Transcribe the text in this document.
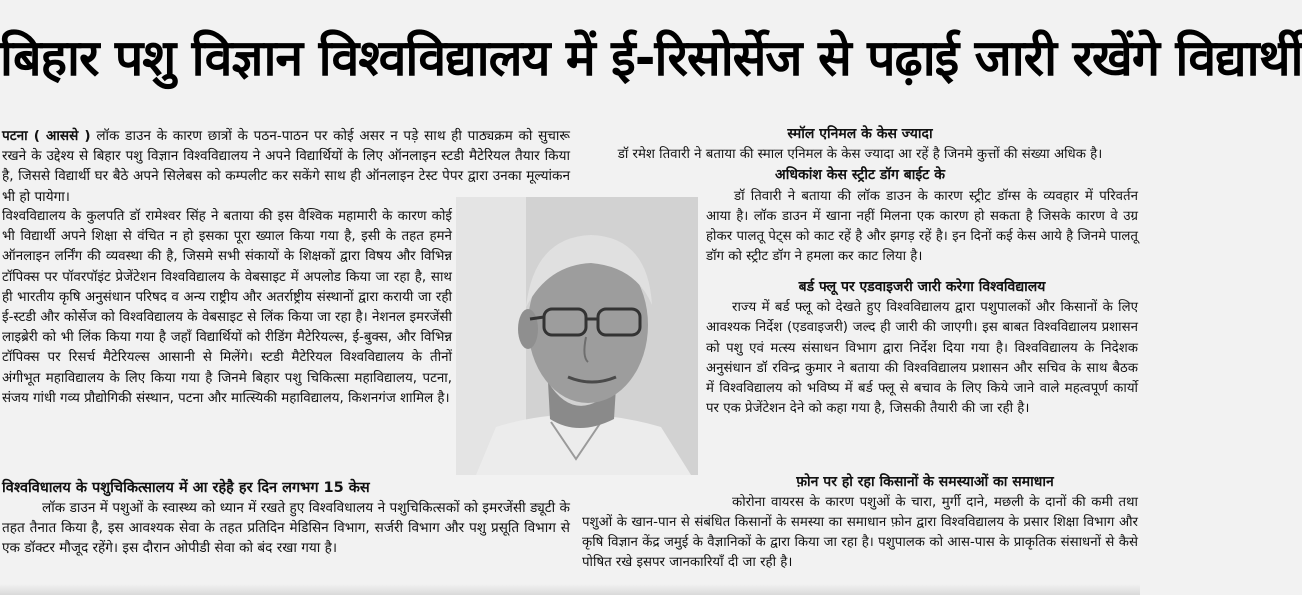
बिहार पशु विज्ञान विश्वविद्यालय में ई-रिसोर्सेज से पढ़ाई जारी रखेंगे विद्यार्थी

पटना ( आससे ) लॉक डाउन के कारण छात्रों के पठन-पाठन पर कोई असर न पड़े साथ ही पाठ्यक्रम को सुचारू रखने के उद्देश्य से बिहार पशु विज्ञान विश्वविद्यालय ने अपने विद्यार्थियों के लिए ऑनलाइन स्टडी मैटेरियल तैयार किया है, जिससे विद्यार्थी घर बैठे अपने सिलेबस को कम्पलीट कर सकेंगे साथ ही ऑनलाइन टेस्ट पेपर द्वारा उनका मूल्यांकन भी हो पायेगा।

विश्वविद्यालय के कुलपति डॉ रामेश्वर सिंह ने बताया की इस वैश्विक महामारी के कारण कोई भी विद्यार्थी अपने शिक्षा से वंचित न हो इसका पूरा ख्याल किया गया है, इसी के तहत हमने ऑनलाइन लर्निंग की व्यवस्था की है, जिसमे सभी संकायों के शिक्षकों द्वारा विषय और विभिन्न टॉपिक्स पर पॉवरपॉइंट प्रेजेंटेशन विश्वविद्यालय के वेबसाइट में अपलोड किया जा रहा है, साथ ही भारतीय कृषि अनुसंधान परिषद व अन्य राष्ट्रीय और अतर्राष्ट्रीय संस्थानों द्वारा करायी जा रही ई-स्टडी और कोर्सेज को विश्वविद्यालय के वेबसाइट से लिंक किया जा रहा है। नेशनल इमरजेंसी लाइब्रेरी को भी लिंक किया गया है जहाँ विद्यार्थियों को रीडिंग मैटेरियल्स, ई-बुक्स, और विभिन्न टॉपिक्स पर रिसर्च मैटेरियल्स आसानी से मिलेंगे। स्टडी मैटेरियल विश्वविद्यालय के तीनों अंगीभूत महाविद्यालय के लिए किया गया है जिनमे बिहार पशु चिकित्सा महाविद्यालय, पटना, संजय गांधी गव्य प्रौद्योगिकी संस्थान, पटना और मात्स्यिकी महाविद्यालय, किशनगंज शामिल है।

विश्वविधालय के पशुचिकित्सालय में आ रहेहै हर दिन लगभग 15 केस

लॉक डाउन में पशुओं के स्वास्थ्य को ध्यान में रखते हुए विश्वविधालय ने पशुचिकित्सकों को इमरजेंसी ड्यूटी के तहत तैनात किया है, इस आवश्यक सेवा के तहत प्रतिदिन मेडिसिन विभाग, सर्जरी विभाग और पशु प्रसूति विभाग से एक डॉक्टर मौजूद रहेंगे। इस दौरान ओपीडी सेवा को बंद रखा गया है।

स्मॉल एनिमल के केस ज्यादा

डॉ रमेश तिवारी ने बताया की स्माल एनिमल के केस ज्यादा आ रहें है जिनमे कुत्तों की संख्या अधिक है।

अधिकांश केस स्ट्रीट डॉग बाईट के

डॉ तिवारी ने बताया की लॉक डाउन के कारण स्ट्रीट डॉग्स के व्यवहार में परिवर्तन आया है। लॉक डाउन में खाना नहीं मिलना एक कारण हो सकता है जिसके कारण वे उग्र होकर पालतू पेट्स को काट रहें है और झगड़ रहें है। इन दिनों कई केस आये है जिनमे पालतू डॉग को स्ट्रीट डॉग ने हमला कर काट लिया है।

बर्ड फ्लू पर एडवाइजरी जारी करेगा विश्वविद्यालय

राज्य में बर्ड फ्लू को देखते हुए विश्वविद्यालय द्वारा पशुपालकों और किसानों के लिए आवश्यक निर्देश (एडवाइजरी) जल्द ही जारी की जाएगी। इस बाबत विश्वविद्यालय प्रशासन को पशु एवं मत्स्य संसाधन विभाग द्वारा निर्देश दिया गया है। विश्वविद्यालय के निदेशक अनुसंधान डॉ रविन्द्र कुमार ने बताया की विश्वविद्यालय प्रशासन और सचिव के साथ बैठक में विश्वविद्यालय को भविष्य में बर्ड फ्लू से बचाव के लिए किये जाने वाले महत्वपूर्ण कार्यो पर एक प्रेजेंटेशन देने को कहा गया है, जिसकी तैयारी की जा रही है।

फ़ोन पर हो रहा किसानों के समस्याओं का समाधान

कोरोना वायरस के कारण पशुओं के चारा, मुर्गी दाने, मछली के दानों की कमी तथा पशुओं के खान-पान से संबंधित किसानों के समस्या का समाधान फ़ोन द्वारा विश्वविद्यालय के प्रसार शिक्षा विभाग और कृषि विज्ञान केंद्र जमुई के वैज्ञानिकों के द्वारा किया जा रहा है। पशुपालक को आस-पास के प्राकृतिक संसाधनों से कैसे पोषित रखे इसपर जानकारियाँ दी जा रही है।
